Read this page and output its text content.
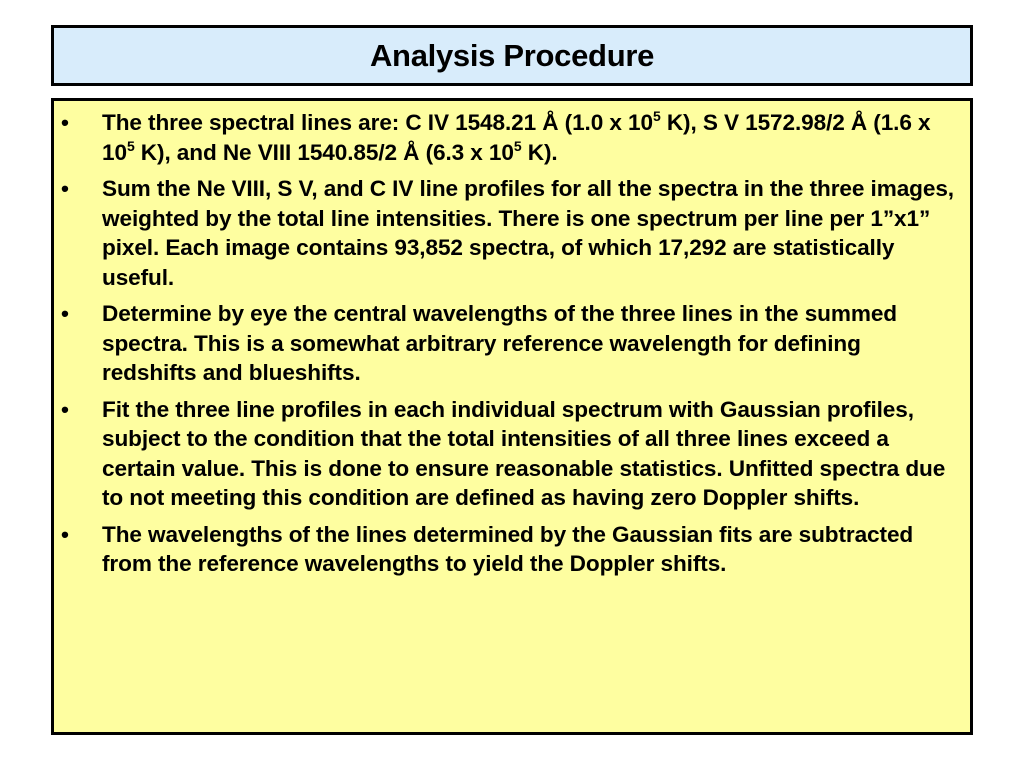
Analysis Procedure
• The three spectral lines are: C IV 1548.21 Å (1.0 x $10^5$ K), S V 1572.98/2 Å (1.6 x $10^5$ K), and Ne VIII 1540.85/2 Å (6.3 x $10^5$ K).
• Sum the Ne VIII, S V, and C IV line profiles for all the spectra in the three images, weighted by the total line intensities. There is one spectrum per line per 1”x1” pixel. Each image contains 93,852 spectra, of which 17,292 are statistically useful.
• Determine by eye the central wavelengths of the three lines in the summed spectra. This is a somewhat arbitrary reference wavelength for defining redshifts and blueshifts.
• Fit the three line profiles in each individual spectrum with Gaussian profiles, subject to the condition that the total intensities of all three lines exceed a certain value. This is done to ensure reasonable statistics. Unfitted spectra due to not meeting this condition are defined as having zero Doppler shifts.
• The wavelengths of the lines determined by the Gaussian fits are subtracted from the reference wavelengths to yield the Doppler shifts.
